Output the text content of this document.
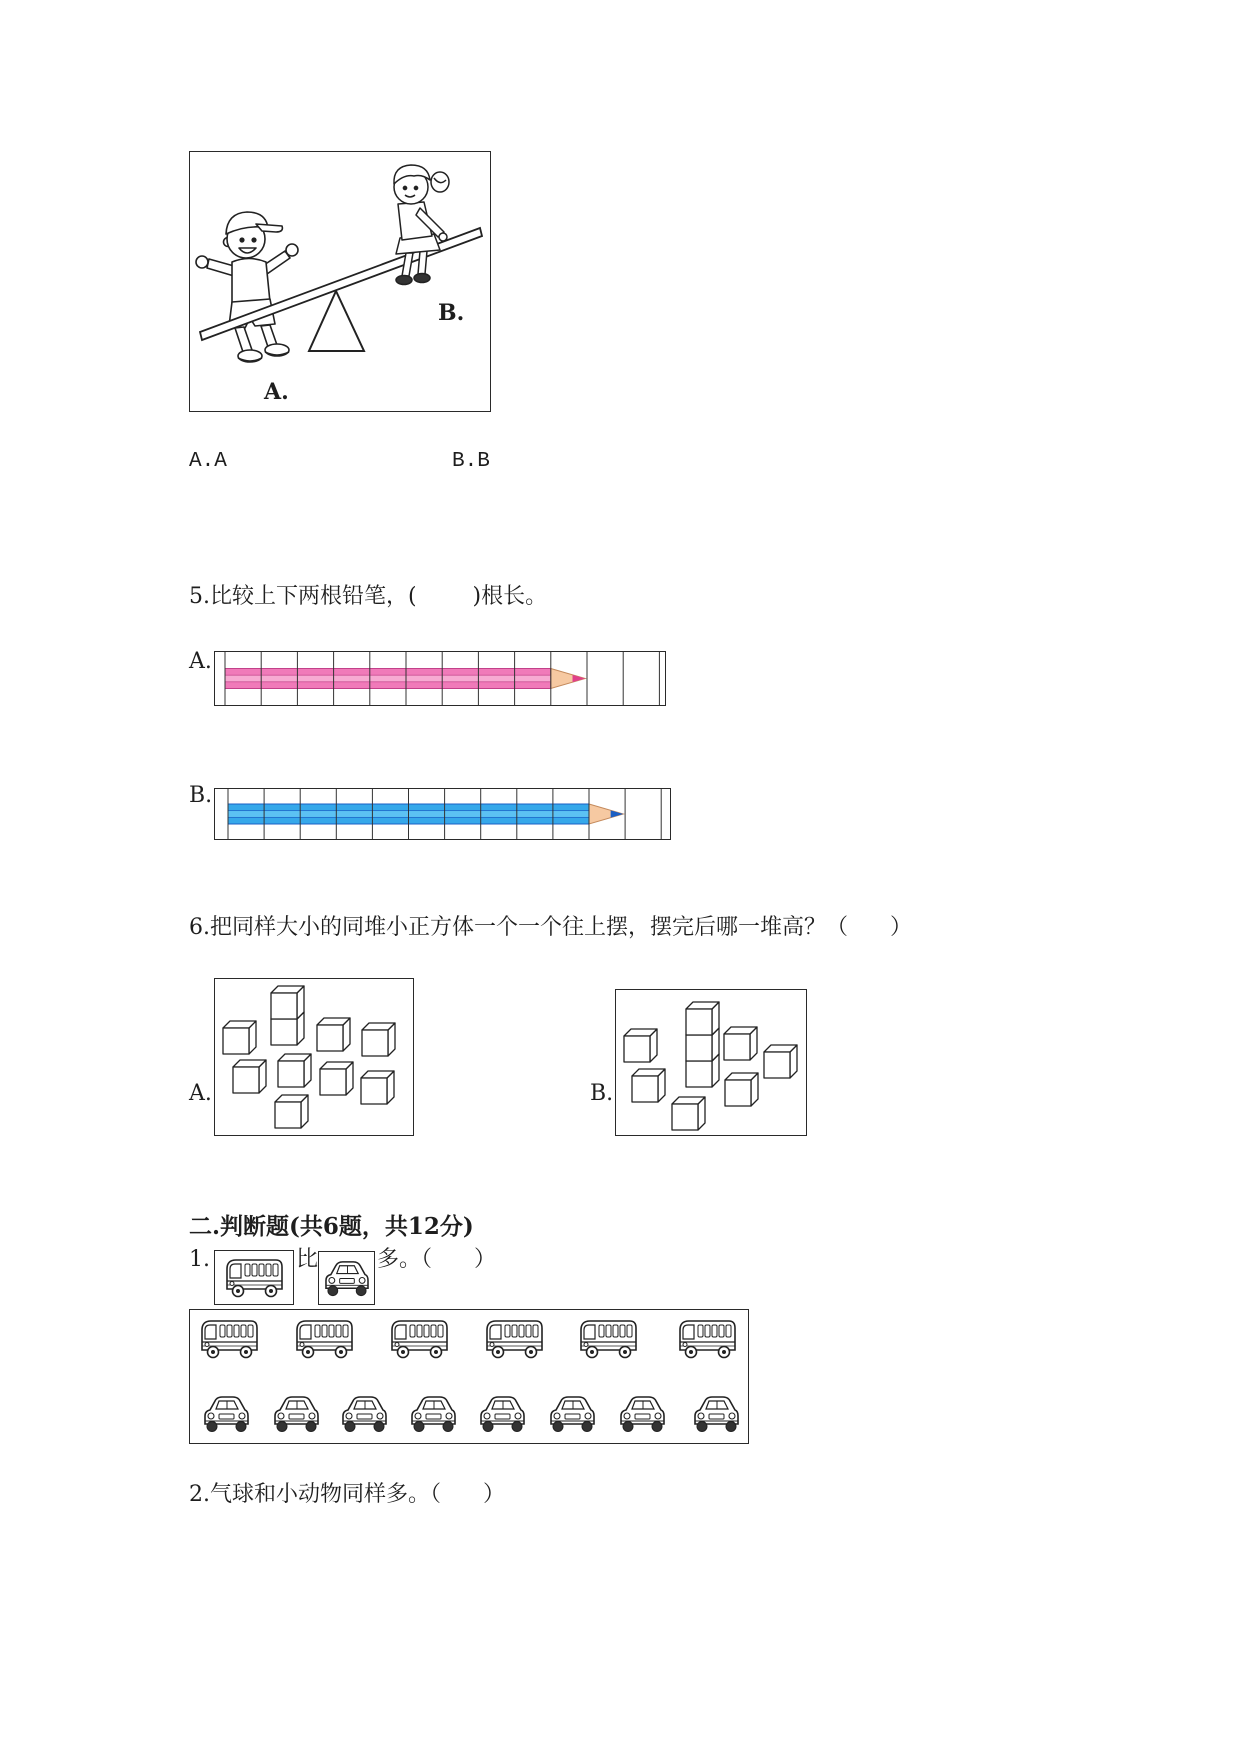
B.
A.
A.A	B.B
5.比较上下两根铅笔，(        )根长。
A.
B.
6.把同样大小的同堆小正方体一个一个往上摆，摆完后哪一堆高？（      ）
A.	B.
二.判断题(共6题，共12分)
1.	比	多。（      ）
2.气球和小动物同样多。（      ）
